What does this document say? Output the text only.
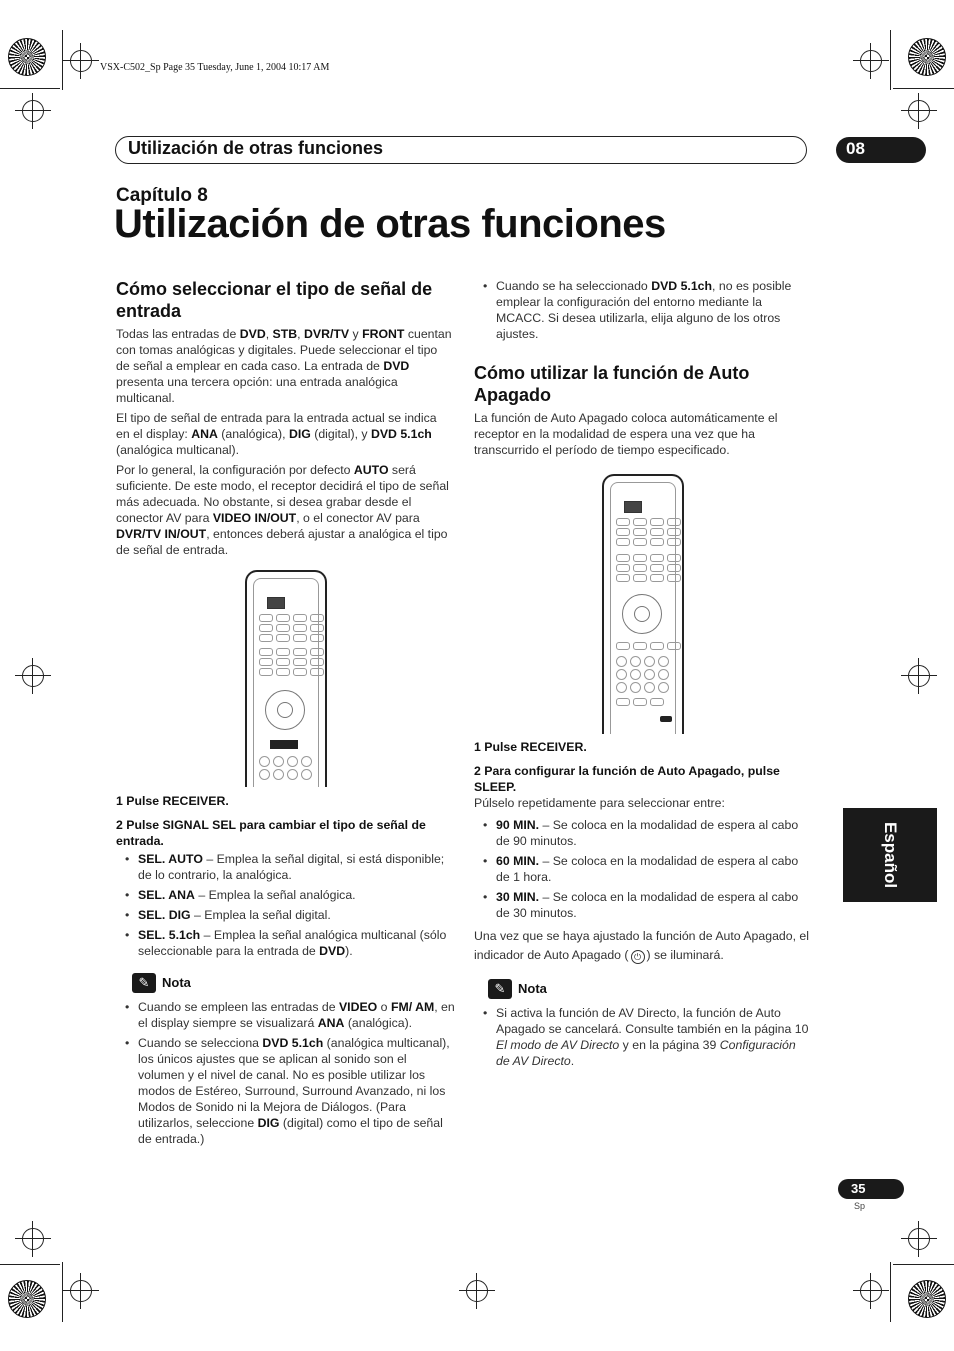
VSX-C502_Sp Page 35 Tuesday, June 1, 2004 10:17 AM
Utilización de otras funciones	08
Capítulo 8
Utilización de otras funciones
Cómo seleccionar el tipo de señal de entrada

Todas las entradas de DVD, STB, DVR/TV y FRONT cuentan con tomas analógicas y digitales. Puede seleccionar el tipo de señal a emplear en cada caso. La entrada de DVD presenta una tercera opción: una entrada analógica multicanal.

El tipo de señal de entrada para la entrada actual se indica en el display: ANA (analógica), DIG (digital), y DVD 5.1ch (analógica multicanal).

Por lo general, la configuración por defecto AUTO será suficiente. De este modo, el receptor decidirá el tipo de señal más adecuada. No obstante, si desea grabar desde el conector AV para VIDEO IN/OUT, o el conector AV para DVR/TV IN/OUT, entonces deberá ajustar a analógica el tipo de señal de entrada.

1 Pulse RECEIVER.
2 Pulse SIGNAL SEL para cambiar el tipo de señal de entrada.
• SEL. AUTO – Emplea la señal digital, si está disponible; de lo contrario, la analógica.
• SEL. ANA – Emplea la señal analógica.
• SEL. DIG – Emplea la señal digital.
• SEL. 5.1ch – Emplea la señal analógica multicanal (sólo seleccionable para la entrada de DVD).
✎ Nota
• Cuando se empleen las entradas de VIDEO o FM/ AM, en el display siempre se visualizará ANA (analógica).
• Cuando se selecciona DVD 5.1ch (analógica multicanal), los únicos ajustes que se aplican al sonido son el volumen y el nivel de canal. No es posible utilizar los modos de Estéreo, Surround, Surround Avanzado, ni los Modos de Sonido ni la Mejora de Diálogos. (Para utilizarlos, seleccione DIG (digital) como el tipo de señal de entrada.)
• Cuando se ha seleccionado DVD 5.1ch, no es posible emplear la configuración del entorno mediante la MCACC. Si desea utilizarla, elija alguno de los otros ajustes.
Cómo utilizar la función de Auto Apagado

La función de Auto Apagado coloca automáticamente el receptor en la modalidad de espera una vez que ha transcurrido el período de tiempo especificado.

1 Pulse RECEIVER.
2 Para configurar la función de Auto Apagado, pulse SLEEP.

Púlselo repetidamente para seleccionar entre:

• 90 MIN. – Se coloca en la modalidad de espera al cabo de 90 minutos.
• 60 MIN. – Se coloca en la modalidad de espera al cabo de 1 hora.
• 30 MIN. – Se coloca en la modalidad de espera al cabo de 30 minutos.

Una vez que se haya ajustado la función de Auto Apagado, el indicador de Auto Apagado ( ⏻ ) se iluminará.

✎ Nota
• Si activa la función de AV Directo, la función de Auto Apagado se cancelará. Consulte también en la página 10 El modo de AV Directo y en la página 39 Configuración de AV Directo.
Español
35
Sp
